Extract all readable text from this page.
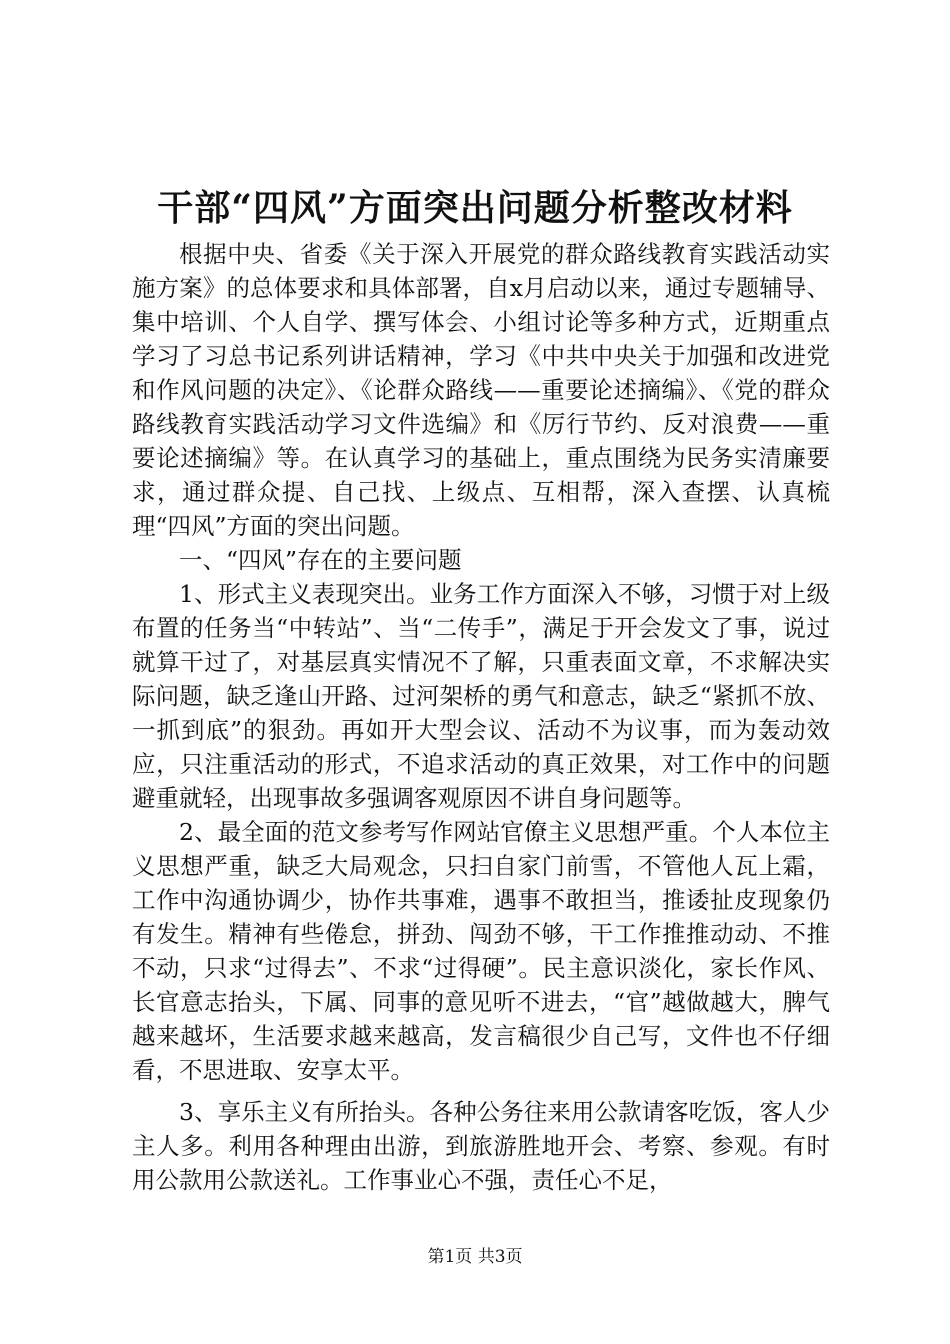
干部“四风”方面突出问题分析整改材料

根据中央、省委《关于深入开展党的群众路线教育实践活动实施方案》的总体要求和具体部署，自x月启动以来，通过专题辅导、集中培训、个人自学、撰写体会、小组讨论等多种方式，近期重点学习了习总书记系列讲话精神，学习《中共中央关于加强和改进党和作风问题的决定》、《论群众路线——重要论述摘编》、《党的群众路线教育实践活动学习文件选编》和《厉行节约、反对浪费——重要论述摘编》等。在认真学习的基础上，重点围绕为民务实清廉要求，通过群众提、自己找、上级点、互相帮，深入查摆、认真梳理“四风”方面的突出问题。

一、“四风”存在的主要问题

1、形式主义表现突出。业务工作方面深入不够，习惯于对上级布置的任务当“中转站”、当“二传手”，满足于开会发文了事，说过就算干过了，对基层真实情况不了解，只重表面文章，不求解决实际问题，缺乏逢山开路、过河架桥的勇气和意志，缺乏“紧抓不放、一抓到底”的狠劲。再如开大型会议、活动不为议事，而为轰动效应，只注重活动的形式，不追求活动的真正效果，对工作中的问题避重就轻，出现事故多强调客观原因不讲自身问题等。

2、最全面的范文参考写作网站官僚主义思想严重。个人本位主义思想严重，缺乏大局观念，只扫自家门前雪，不管他人瓦上霜，工作中沟通协调少，协作共事难，遇事不敢担当，推诿扯皮现象仍有发生。精神有些倦怠，拼劲、闯劲不够，干工作推推动动、不推不动，只求“过得去”、不求“过得硬”。民主意识淡化，家长作风、长官意志抬头，下属、同事的意见听不进去，“官”越做越大，脾气越来越坏，生活要求越来越高，发言稿很少自己写，文件也不仔细看，不思进取、安享太平。

3、享乐主义有所抬头。各种公务往来用公款请客吃饭，客人少主人多。利用各种理由出游，到旅游胜地开会、考察、参观。有时用公款用公款送礼。工作事业心不强，责任心不足，

第1页 共3页
